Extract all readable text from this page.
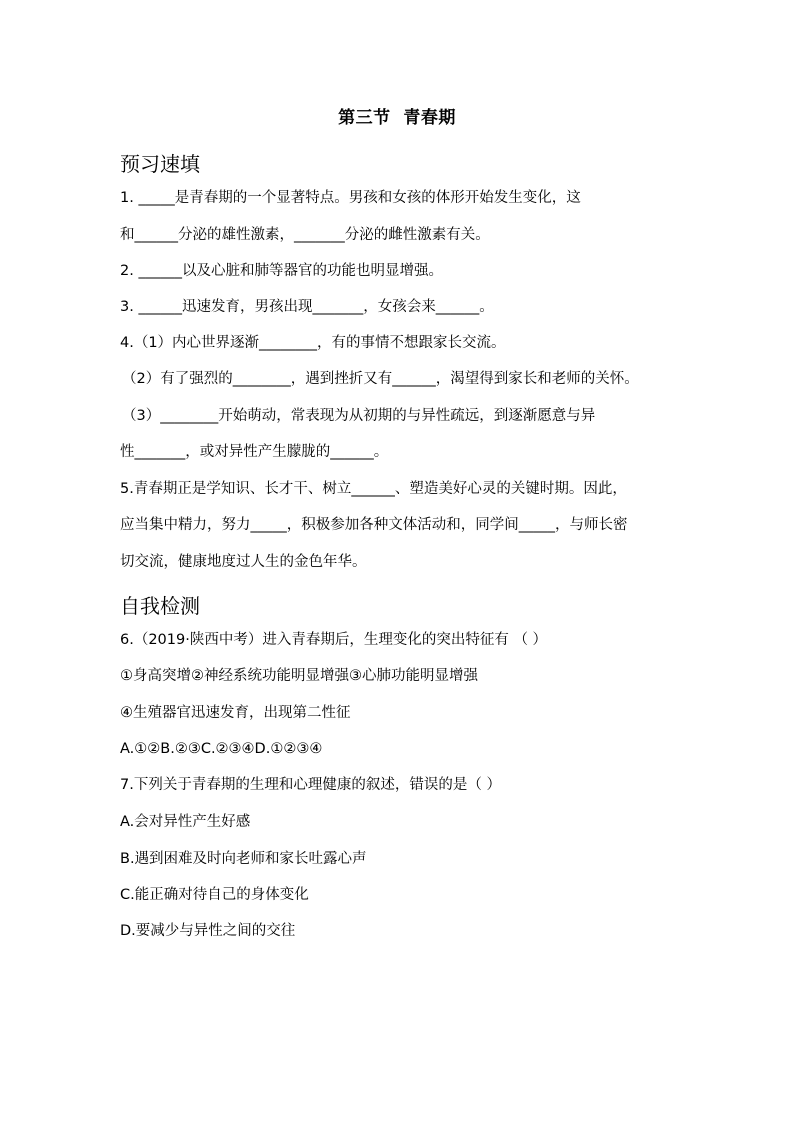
第三节  青春期
预习速填
1. _____是青春期的一个显著特点。男孩和女孩的体形开始发生变化，这
和______分泌的雄性激素，_______分泌的雌性激素有关。
2. ______以及心脏和肺等器官的功能也明显增强。
3. ______迅速发育，男孩出现_______，女孩会来______。
4.（1）内心世界逐渐________，有的事情不想跟家长交流。
（2）有了强烈的________，遇到挫折又有______，渴望得到家长和老师的关怀。
（3）________开始萌动，常表现为从初期的与异性疏远，到逐渐愿意与异
性_______，或对异性产生朦胧的______。
5.青春期正是学知识、长才干、树立______、塑造美好心灵的关键时期。因此，
应当集中精力，努力_____，积极参加各种文体活动和，同学间_____，与师长密
切交流，健康地度过人生的金色年华。
自我检测
6.（2019·陕西中考）进入青春期后，生理变化的突出特征有 （ ）
①身高突增②神经系统功能明显增强③心肺功能明显增强
④生殖器官迅速发育，出现第二性征
A.①②B.②③C.②③④D.①②③④
7.下列关于青春期的生理和心理健康的叙述，错误的是（ ）
A.会对异性产生好感
B.遇到困难及时向老师和家长吐露心声
C.能正确对待自己的身体变化
D.要减少与异性之间的交往
